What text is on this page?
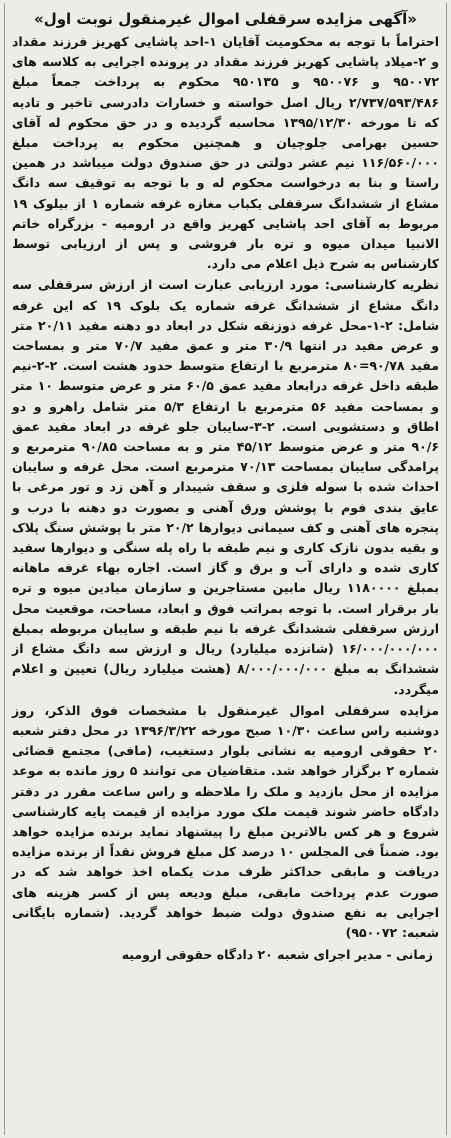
«آگهی مزایده سرقفلی اموال غیرمنقول نوبت اول»

احتراماً با توجه به محکومیت آقایان ۱-احد پاشایی کهریز فرزند مقداد و ۲-میلاد پاشایی کهریز فرزند مقداد در پرونده اجرایی به کلاسه های ۹۵۰۰۷۲ و ۹۵۰۰۷۶ و ۹۵۰۱۳۵ محکوم به پرداخت جمعاً مبلغ ۲/۷۳۷/۵۹۳/۴۸۶ ریال اصل خواسته و خسارات دادرسی تاخیر و تادیه که تا مورخه ۱۳۹۵/۱۲/۳۰ محاسبه گردیده و در حق محکوم له آقای حسین بهرامی جلوچیان و همچنین محکوم به پرداخت مبلغ ۱۱۶/۵۶۰/۰۰۰ نیم عشر دولتی در حق صندوق دولت میباشد در همین راستا و بنا به درخواست محکوم له و با توجه به توقیف سه دانگ مشاع از ششدانگ سرقفلی یکباب مغازه غرفه شماره ۱ از بیلوک ۱۹ مربوط به آقای احد پاشایی کهریز واقع در ارومیه - بزرگراه خاتم الانبیا میدان میوه و تره بار فروشی و پس از ارزیابی توسط کارشناس به شرح ذیل اعلام می دارد.

نظریه کارشناسی: مورد ارزیابی عبارت است از ارزش سرقفلی سه دانگ مشاع از ششدانگ غرفه شماره یک بلوک ۱۹ که این غرفه شامل: ۲-۱-محل غرفه ذوزنقه شکل در ابعاد دو دهنه مفید ۲۰/۱۱ متر و عرض مفید در انتها ۳۰/۹ متر و عمق مفید ۷۰/۷ متر و بمساحت مفید ۹۰/۷۸=۸۰ مترمربع با ارتفاع متوسط حدود هشت است. ۲-۲-نیم طبقه داخل غرفه درابعاد مفید عمق ۶۰/۵ متر و عرض متوسط ۱۰ متر و بمساحت مفید ۵۶ مترمربع با ارتفاع ۵/۳ متر شامل راهرو و دو اطاق و دستشویی است. ۲-۳-سایبان جلو غرفه در ابعاد مفید عمق ۹۰/۶ متر و عرض متوسط ۴۵/۱۲ متر و به مساحت ۹۰/۸۵ مترمربع و پرامدگی سایبان بمساحت ۷۰/۱۳ مترمربع است. محل غرفه و سایبان احداث شده با سوله فلزی و سقف شیبدار و آهن زد و تور مرغی با عایق بندی فوم با پوشش ورق آهنی و بصورت دو دهنه با درب و پنجره های آهنی و کف سیمانی دیوارها ۲۰/۲ متر با پوشش سنگ پلاک و بقیه بدون نازک کاری و نیم طبقه با راه پله سنگی و دیوارها سفید کاری شده و دارای آب و برق و گاز است. اجاره بهاء غرفه ماهانه بمبلغ ۱۱۸۰۰۰۰ ریال مابین مستاجرین و سازمان میادین میوه و تره بار برقرار است. با توجه بمراتب فوق و ابعاد، مساحت، موقعیت محل ارزش سرقفلی ششدانگ غرفه با نیم طبقه و سایبان مربوطه بمبلغ ۱۶/۰۰۰/۰۰۰/۰۰۰ (شانزده میلیارد) ریال و ارزش سه دانگ مشاع از ششدانگ به مبلغ ۸/۰۰۰/۰۰۰/۰۰۰ (هشت میلیارد ریال) تعیین و اعلام میگردد.

مزایده سرقفلی اموال غیرمنقول با مشخصات فوق الذکر، روز دوشنبه راس ساعت ۱۰/۳۰ صبح مورخه ۱۳۹۶/۳/۲۲ در محل دفتر شعبه ۲۰ حقوقی ارومیه به نشانی بلوار دستغیب، (مافی) مجتمع قضائی شماره ۲ برگزار خواهد شد. متقاضیان می توانند ۵ روز مانده به موعد مزایده از محل بازدید و ملک را ملاحظه و راس ساعت مقرر در دفتر دادگاه حاضر شوند قیمت ملک مورد مزایده از قیمت پایه کارشناسی شروع و هر کس بالاترین مبلغ را پیشنهاد نماید برنده مزایده خواهد بود. ضمناً فی المجلس ۱۰ درصد کل مبلغ فروش نقداً از برنده مزایده دریافت و مابقی حداکثر ظرف مدت یکماه اخذ خواهد شد که در صورت عدم پرداخت مابقی، مبلغ ودیعه پس از کسر هزینه های اجرایی به نفع صندوق دولت ضبط خواهد گردید. (شماره بایگانی شعبه: ۹۵۰۰۷۲)

زمانی - مدیر اجرای شعبه ۲۰ دادگاه حقوقی ارومیه
